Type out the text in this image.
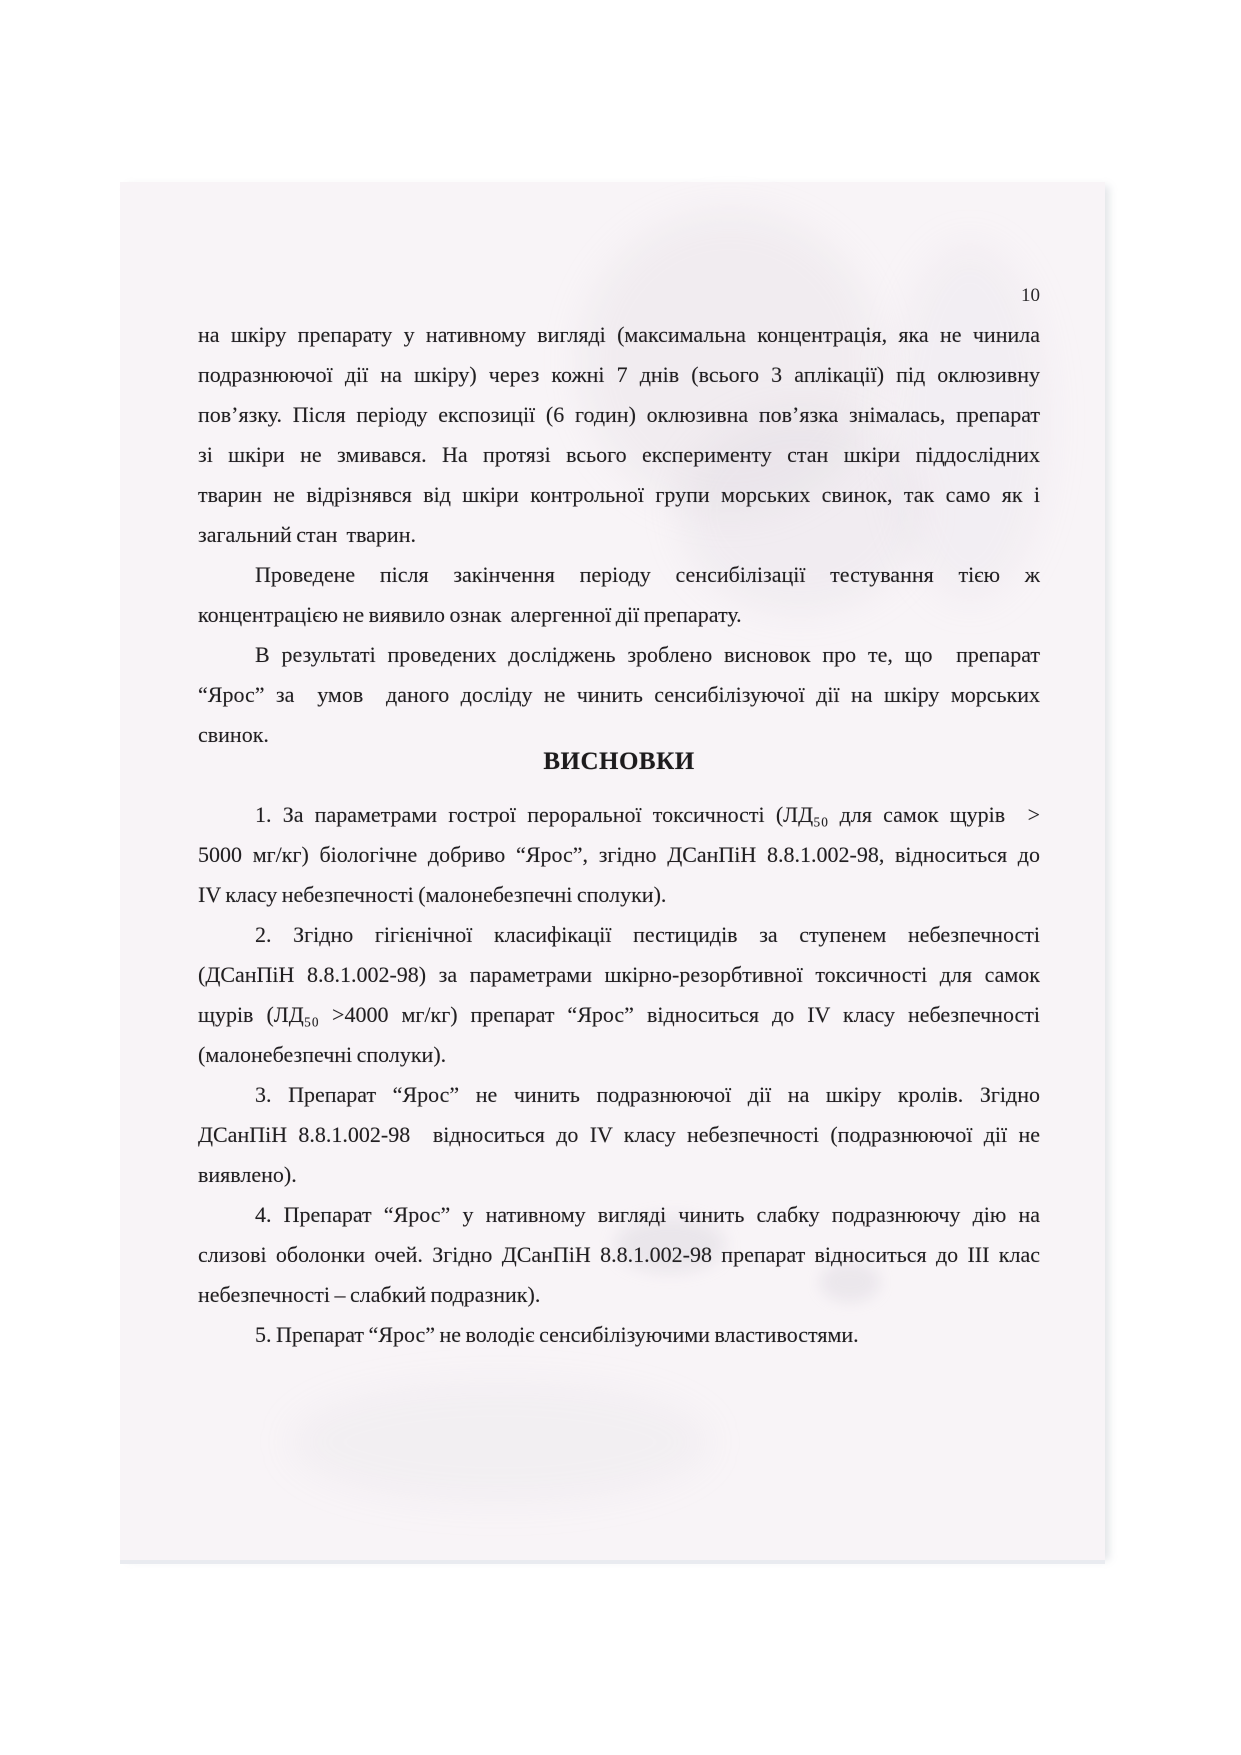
10
на шкіру препарату у нативному вигляді (максимальна концентрація, яка не чинила
подразнюючої дії на шкіру) через кожні 7 днів (всього 3 аплікації) під оклюзивну
пов’язку. Після періоду експозиції (6 годин) оклюзивна пов’язка знімалась, препарат
зі шкіри не змивався. На протязі всього експерименту стан шкіри піддослідних
тварин не відрізнявся від шкіри контрольної групи морських свинок, так само як і
загальний стан  тварин.
Проведене після закінчення періоду сенсибілізації тестування тією ж
концентрацією не виявило ознак  алергенної дії препарату.
В результаті проведених досліджень зроблено висновок про те, що  препарат
“Ярос” за  умов  даного досліду не чинить сенсибілізуючої дії на шкіру морських
свинок.
ВИСНОВКИ
1. За параметрами гострої пероральної токсичності (ЛД₅₀ для самок щурів  >
5000 мг/кг) біологічне добриво “Ярос”, згідно ДСанПіН 8.8.1.002-98, відноситься до
IV класу небезпечності (малонебезпечні сполуки).
2. Згідно гігієнічної класифікації пестицидів за ступенем небезпечності
(ДСанПіН 8.8.1.002-98) за параметрами шкірно-резорбтивної токсичності для самок
щурів (ЛД₅₀ >4000 мг/кг) препарат “Ярос” відноситься до IV класу небезпечності
(малонебезпечні сполуки).
3. Препарат “Ярос” не чинить подразнюючої дії на шкіру кролів. Згідно
ДСанПіН 8.8.1.002-98  відноситься до IV класу небезпечності (подразнюючої дії не
виявлено).
4. Препарат “Ярос” у нативному вигляді чинить слабку подразнюючу дію на
слизові оболонки очей. Згідно ДСанПіН 8.8.1.002-98 препарат відноситься до III клас
небезпечності – слабкий подразник).
5. Препарат “Ярос” не володіє сенсибілізуючими властивостями.
